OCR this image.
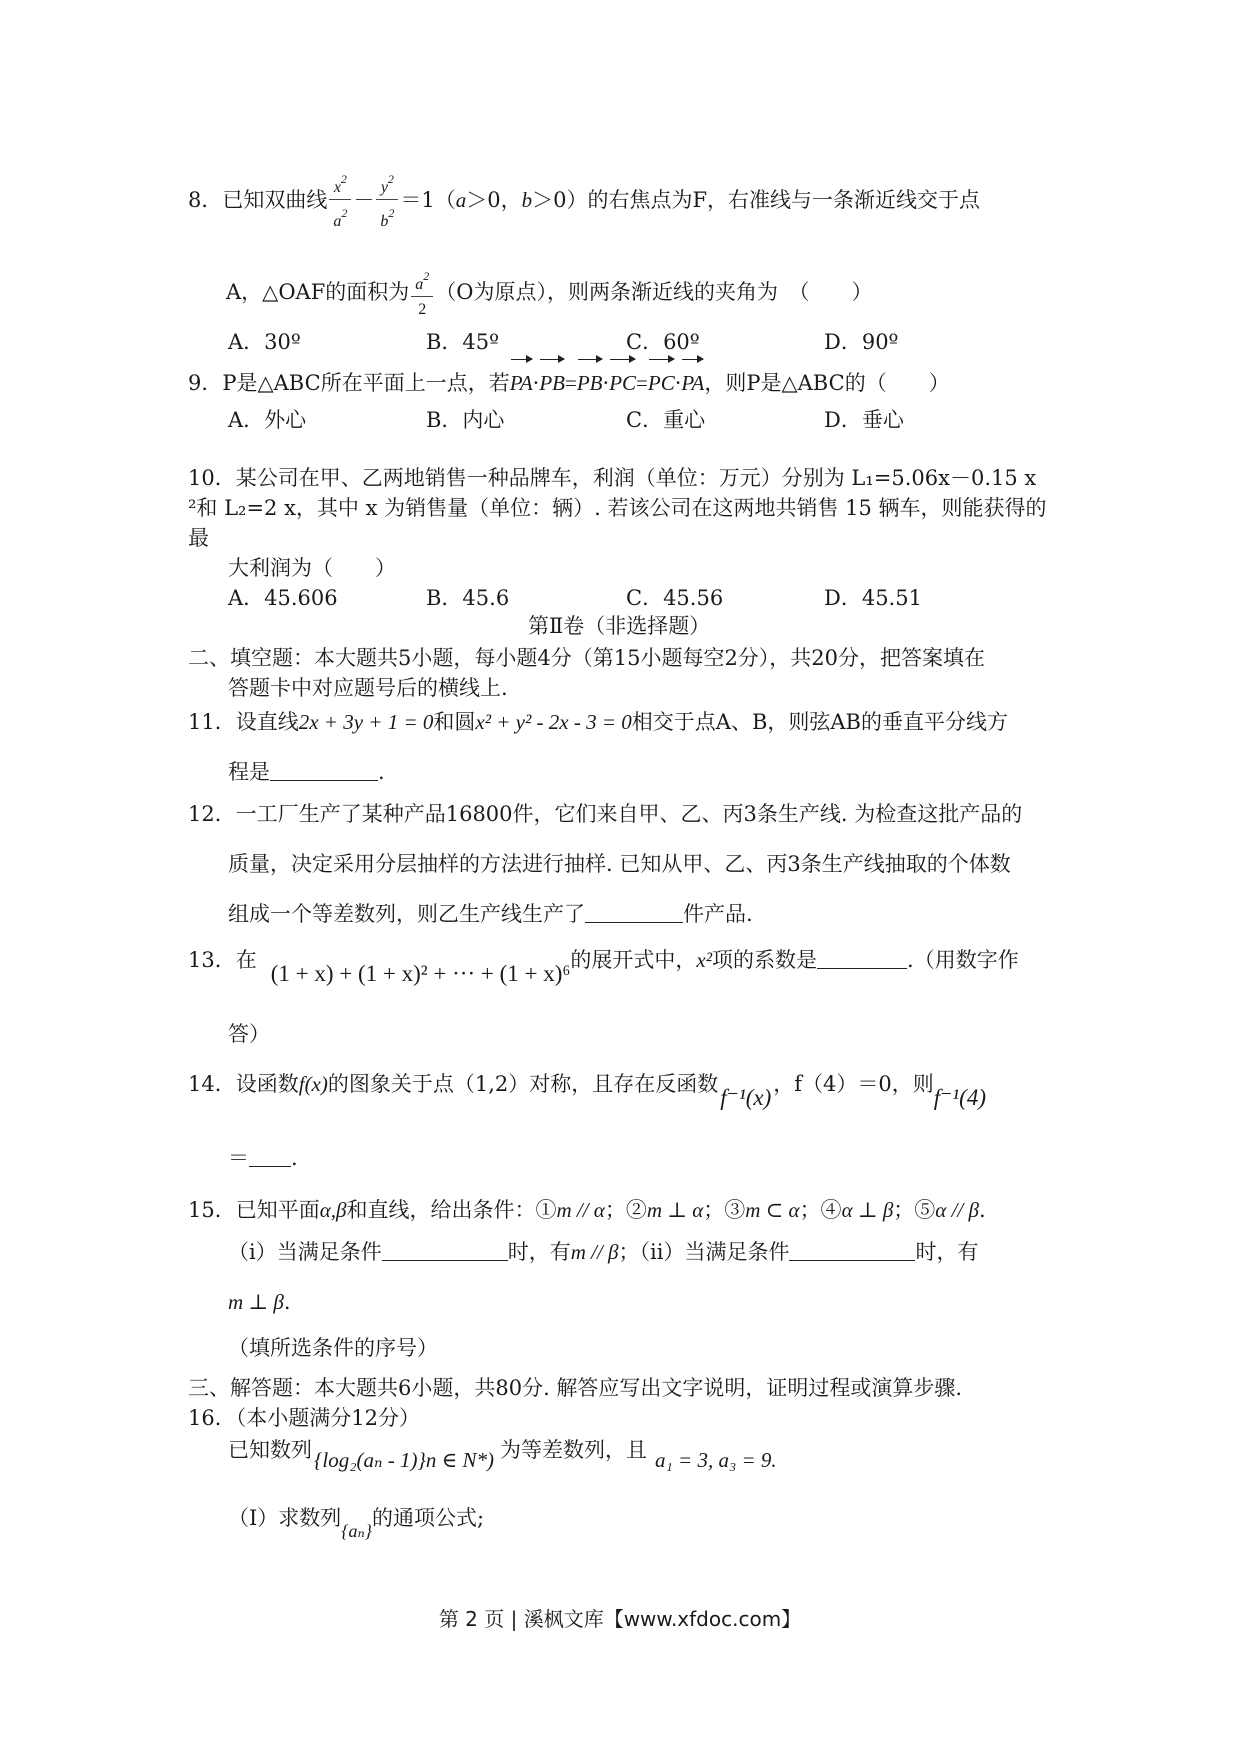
8．已知双曲线 $\frac{x^2}{a^2} - \frac{y^2}{b^2} =1(a>0$，b＞0）的右焦点为F，右准线与一条渐近线交于点
A，△OAF的面积为 $\frac{a^2}{2} (O$为原点），则两条渐近线的夹角为　（　　）
A．30º	B．45º	C．60º	D．90º
9．P是△ABC所在平面上一点，若PA·PB=PB·PC=PC·PA，则P是△ABC的（　　）
A．外心	B．内心	C．重心	D．垂心
10．某公司在甲、乙两地销售一种品牌车，利润（单位：万元）分别为 L₁=5.06x－0.15 x
²和 L₂=2 x，其中 x 为销售量（单位：辆）. 若该公司在这两地共销售 15 辆车，则能获得的
最
大利润为（　　）
A．45.606	B．45.6	C．45.56	D．45.51
第Ⅱ卷（非选择题）
二、填空题：本大题共5小题，每小题4分（第15小题每空2分），共20分，把答案填在
答题卡中对应题号后的横线上.
11．设直线2x + 3y + 1 = 0和圆x² + y² - 2x - 3 = 0相交于点A、B，则弦AB的垂直平分线方
程是	.
12．一工厂生产了某种产品16800件，它们来自甲、乙、丙3条生产线. 为检查这批产品的
质量，决定采用分层抽样的方法进行抽样. 已知从甲、乙、丙3条生产线抽取的个体数
组成一个等差数列，则乙生产线生产了	件产品.
13．在(1 + x) + (1 + x)² + ··· + (1 + x)⁶的展开式中，x²项的系数是	.（用数字作
答）
14．设函数f(x)的图象关于点（1,2）对称，且存在反函数f⁻¹(x)，f（4）＝0，则f⁻¹(4)
＝ .
15．已知平面α,β和直线，给出条件：①m // α；②m ⊥ α；③m ⊂ α；④α ⊥ β；⑤α // β.
（i）当满足条件	时，有m // β；（ii）当满足条件	时，有
m ⊥ β.
（填所选条件的序号）
三、解答题：本大题共6小题，共80分. 解答应写出文字说明，证明过程或演算步骤.
16．（本小题满分12分）
已知数列{log₂(aₙ - 1)}n ∈ N*) 为等差数列，且 a₁ = 3, a₃ = 9.
（Ⅰ）求数列{aₙ}的通项公式;
第 2 页 | 溪枫文库【www.xfdoc.com】
